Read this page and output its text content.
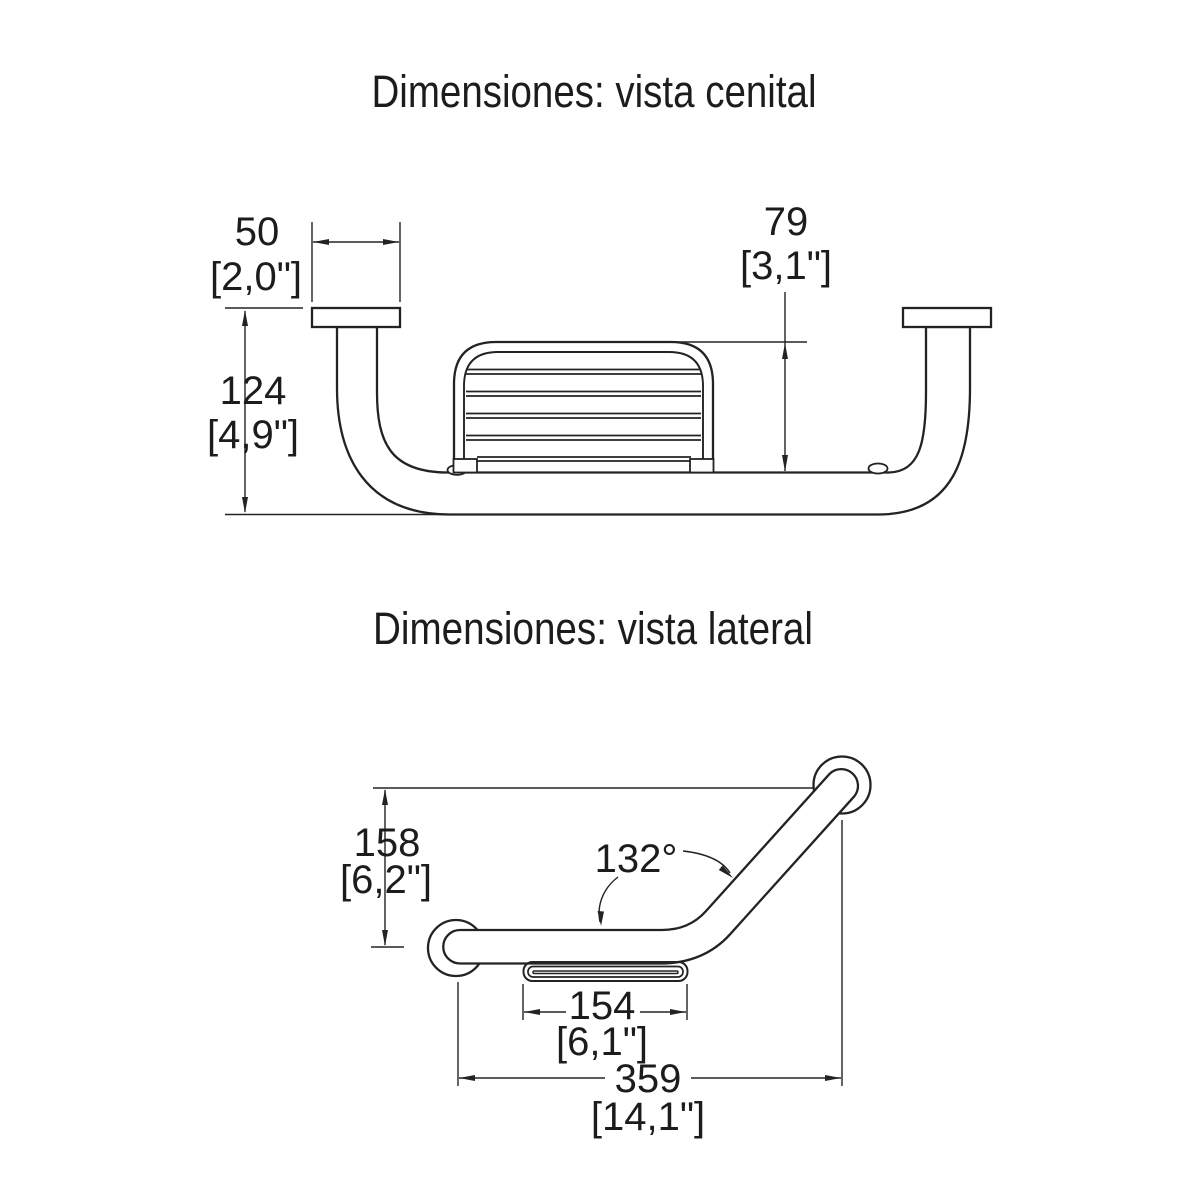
Dimensiones: vista cenital
50
[2,0"]
79
[3,1"]
124
[4,9"]
Dimensiones: vista lateral
158
[6,2"]	132°
154
[6,1"]
359
[14,1"]
